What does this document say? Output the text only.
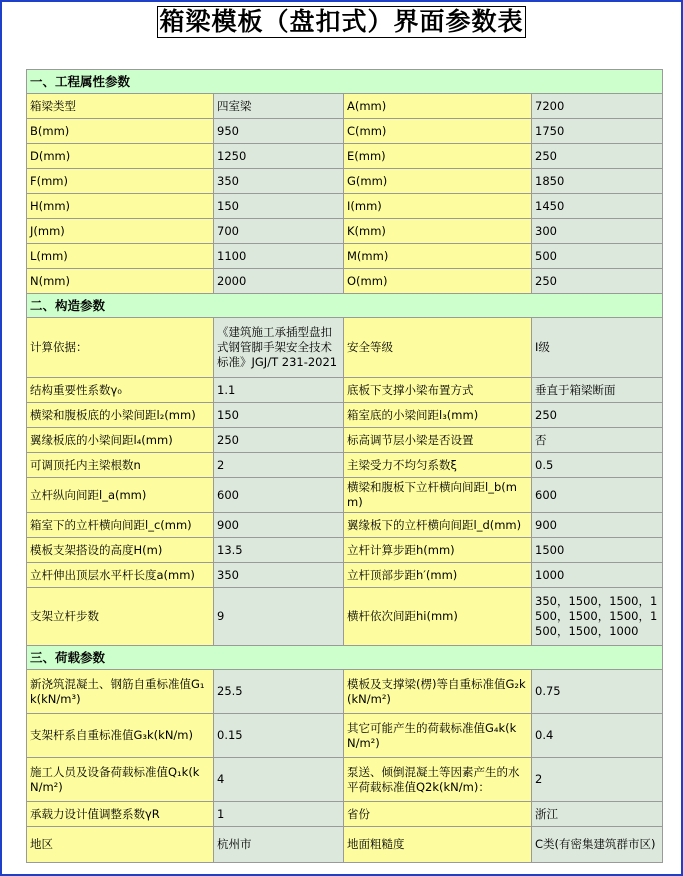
箱梁模板（盘扣式）界面参数表
一、工程属性参数			
箱梁类型	四室梁	A(mm)	7200
B(mm)	950	C(mm)	1750
D(mm)	1250	E(mm)	250
F(mm)	350	G(mm)	1850
H(mm)	150	I(mm)	1450
J(mm)	700	K(mm)	300
L(mm)	1100	M(mm)	500
N(mm)	2000	O(mm)	250
二、构造参数			
计算依据：	《建筑施工承插型盘扣式钢管脚手架安全技术标准》JGJ/T 231-2021	安全等级	I级
结构重要性系数γ₀	1.1	底板下支撑小梁布置方式	垂直于箱梁断面
横梁和腹板底的小梁间距l₂(mm)	150	箱室底的小梁间距l₃(mm)	250
翼缘板底的小梁间距l₄(mm)	250	标高调节层小梁是否设置	否
可调顶托内主梁根数n	2	主梁受力不均匀系数ξ	0.5
立杆纵向间距l_a(mm)	600	横梁和腹板下立杆横向间距l_b(mm)	600
箱室下的立杆横向间距l_c(mm)	900	翼缘板下的立杆横向间距l_d(mm)	900
模板支架搭设的高度H(m)	13.5	立杆计算步距h(mm)	1500
立杆伸出顶层水平杆长度a(mm)	350	立杆顶部步距h′(mm)	1000
支架立杆步数	9	横杆依次间距hi(mm)	350，1500，1500，1500，1500，1500，1500，1500，1000
三、荷载参数			
新浇筑混凝土、钢筋自重标准值G₁k(kN/m³)	25.5	模板及支撑梁(楞)等自重标准值G₂k(kN/m²)	0.75
支架杆系自重标准值G₃k(kN/m)	0.15	其它可能产生的荷载标准值G₄k(kN/m²)	0.4
施工人员及设备荷载标准值Q₁k(kN/m²)	4	泵送、倾倒混凝土等因素产生的水平荷载标准值Q2k(kN/m)：	2
承载力设计值调整系数γR	1	省份	浙江
地区	杭州市	地面粗糙度	C类(有密集建筑群市区)
